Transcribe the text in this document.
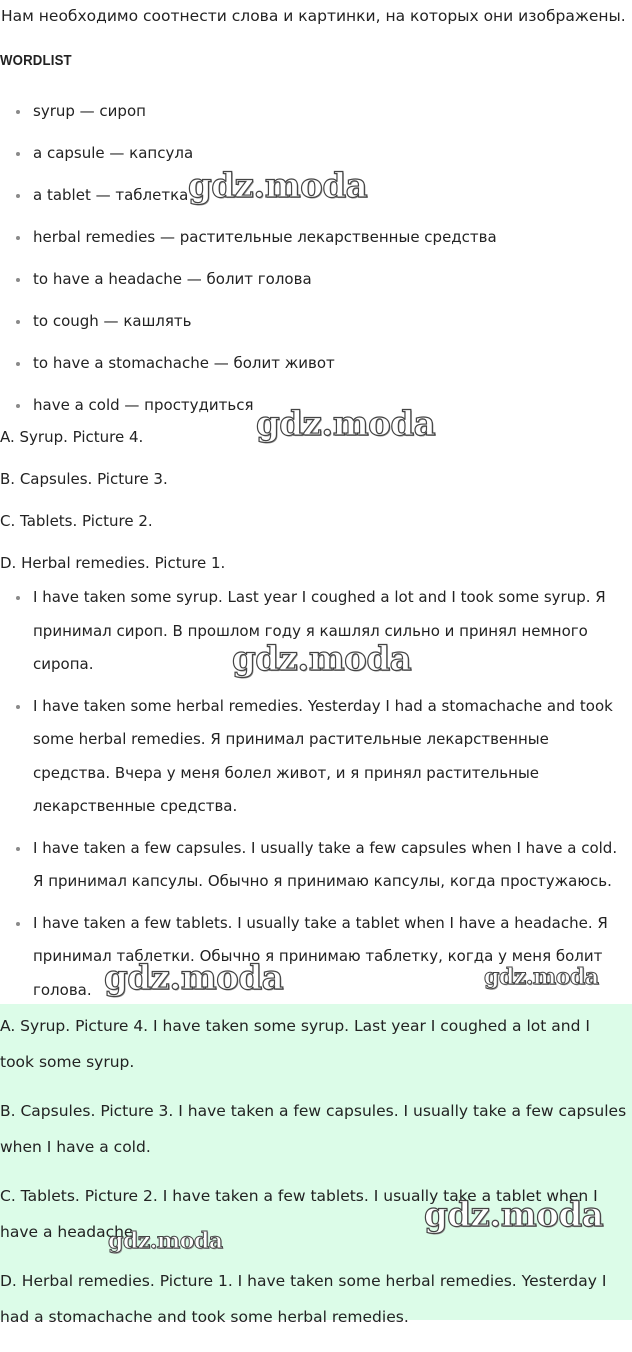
Нам необходимо соотнести слова и картинки, на которых они изображены.
WORDLIST
syrup — сироп
a capsule — капсула
a tablet — таблетка
herbal remedies — растительные лекарственные средства
to have a headache — болит голова
to cough — кашлять
to have a stomachache — болит живот
have a cold — простудиться
A. Syrup. Picture 4.
B. Capsules. Picture 3.
C. Tablets. Picture 2.
D. Herbal remedies. Picture 1.
I have taken some syrup. Last year I coughed a lot and I took some syrup. Я принимал сироп. В прошлом году я кашлял сильно и принял немного сиропа.
I have taken some herbal remedies. Yesterday I had a stomachache and took some herbal remedies. Я принимал растительные лекарственные средства. Вчера у меня болел живот, и я принял растительные лекарственные средства.
I have taken a few capsules. I usually take a few capsules when I have a cold. Я принимал капсулы. Обычно я принимаю капсулы, когда простужаюсь.
I have taken a few tablets. I usually take a tablet when I have a headache. Я принимал таблетки. Обычно я принимаю таблетку, когда у меня болит голова.

A. Syrup. Picture 4. I have taken some syrup. Last year I coughed a lot and I took some syrup.

B. Capsules. Picture 3. I have taken a few capsules. I usually take a few capsules when I have a cold.

C. Tablets. Picture 2. I have taken a few tablets. I usually take a tablet when I have a headache.

D. Herbal remedies. Picture 1. I have taken some herbal remedies. Yesterday I had a stomachache and took some herbal remedies.

gdz.moda
gdz.moda
gdz.moda
gdz.moda	gdz.moda
gdz.moda
gdz.moda
